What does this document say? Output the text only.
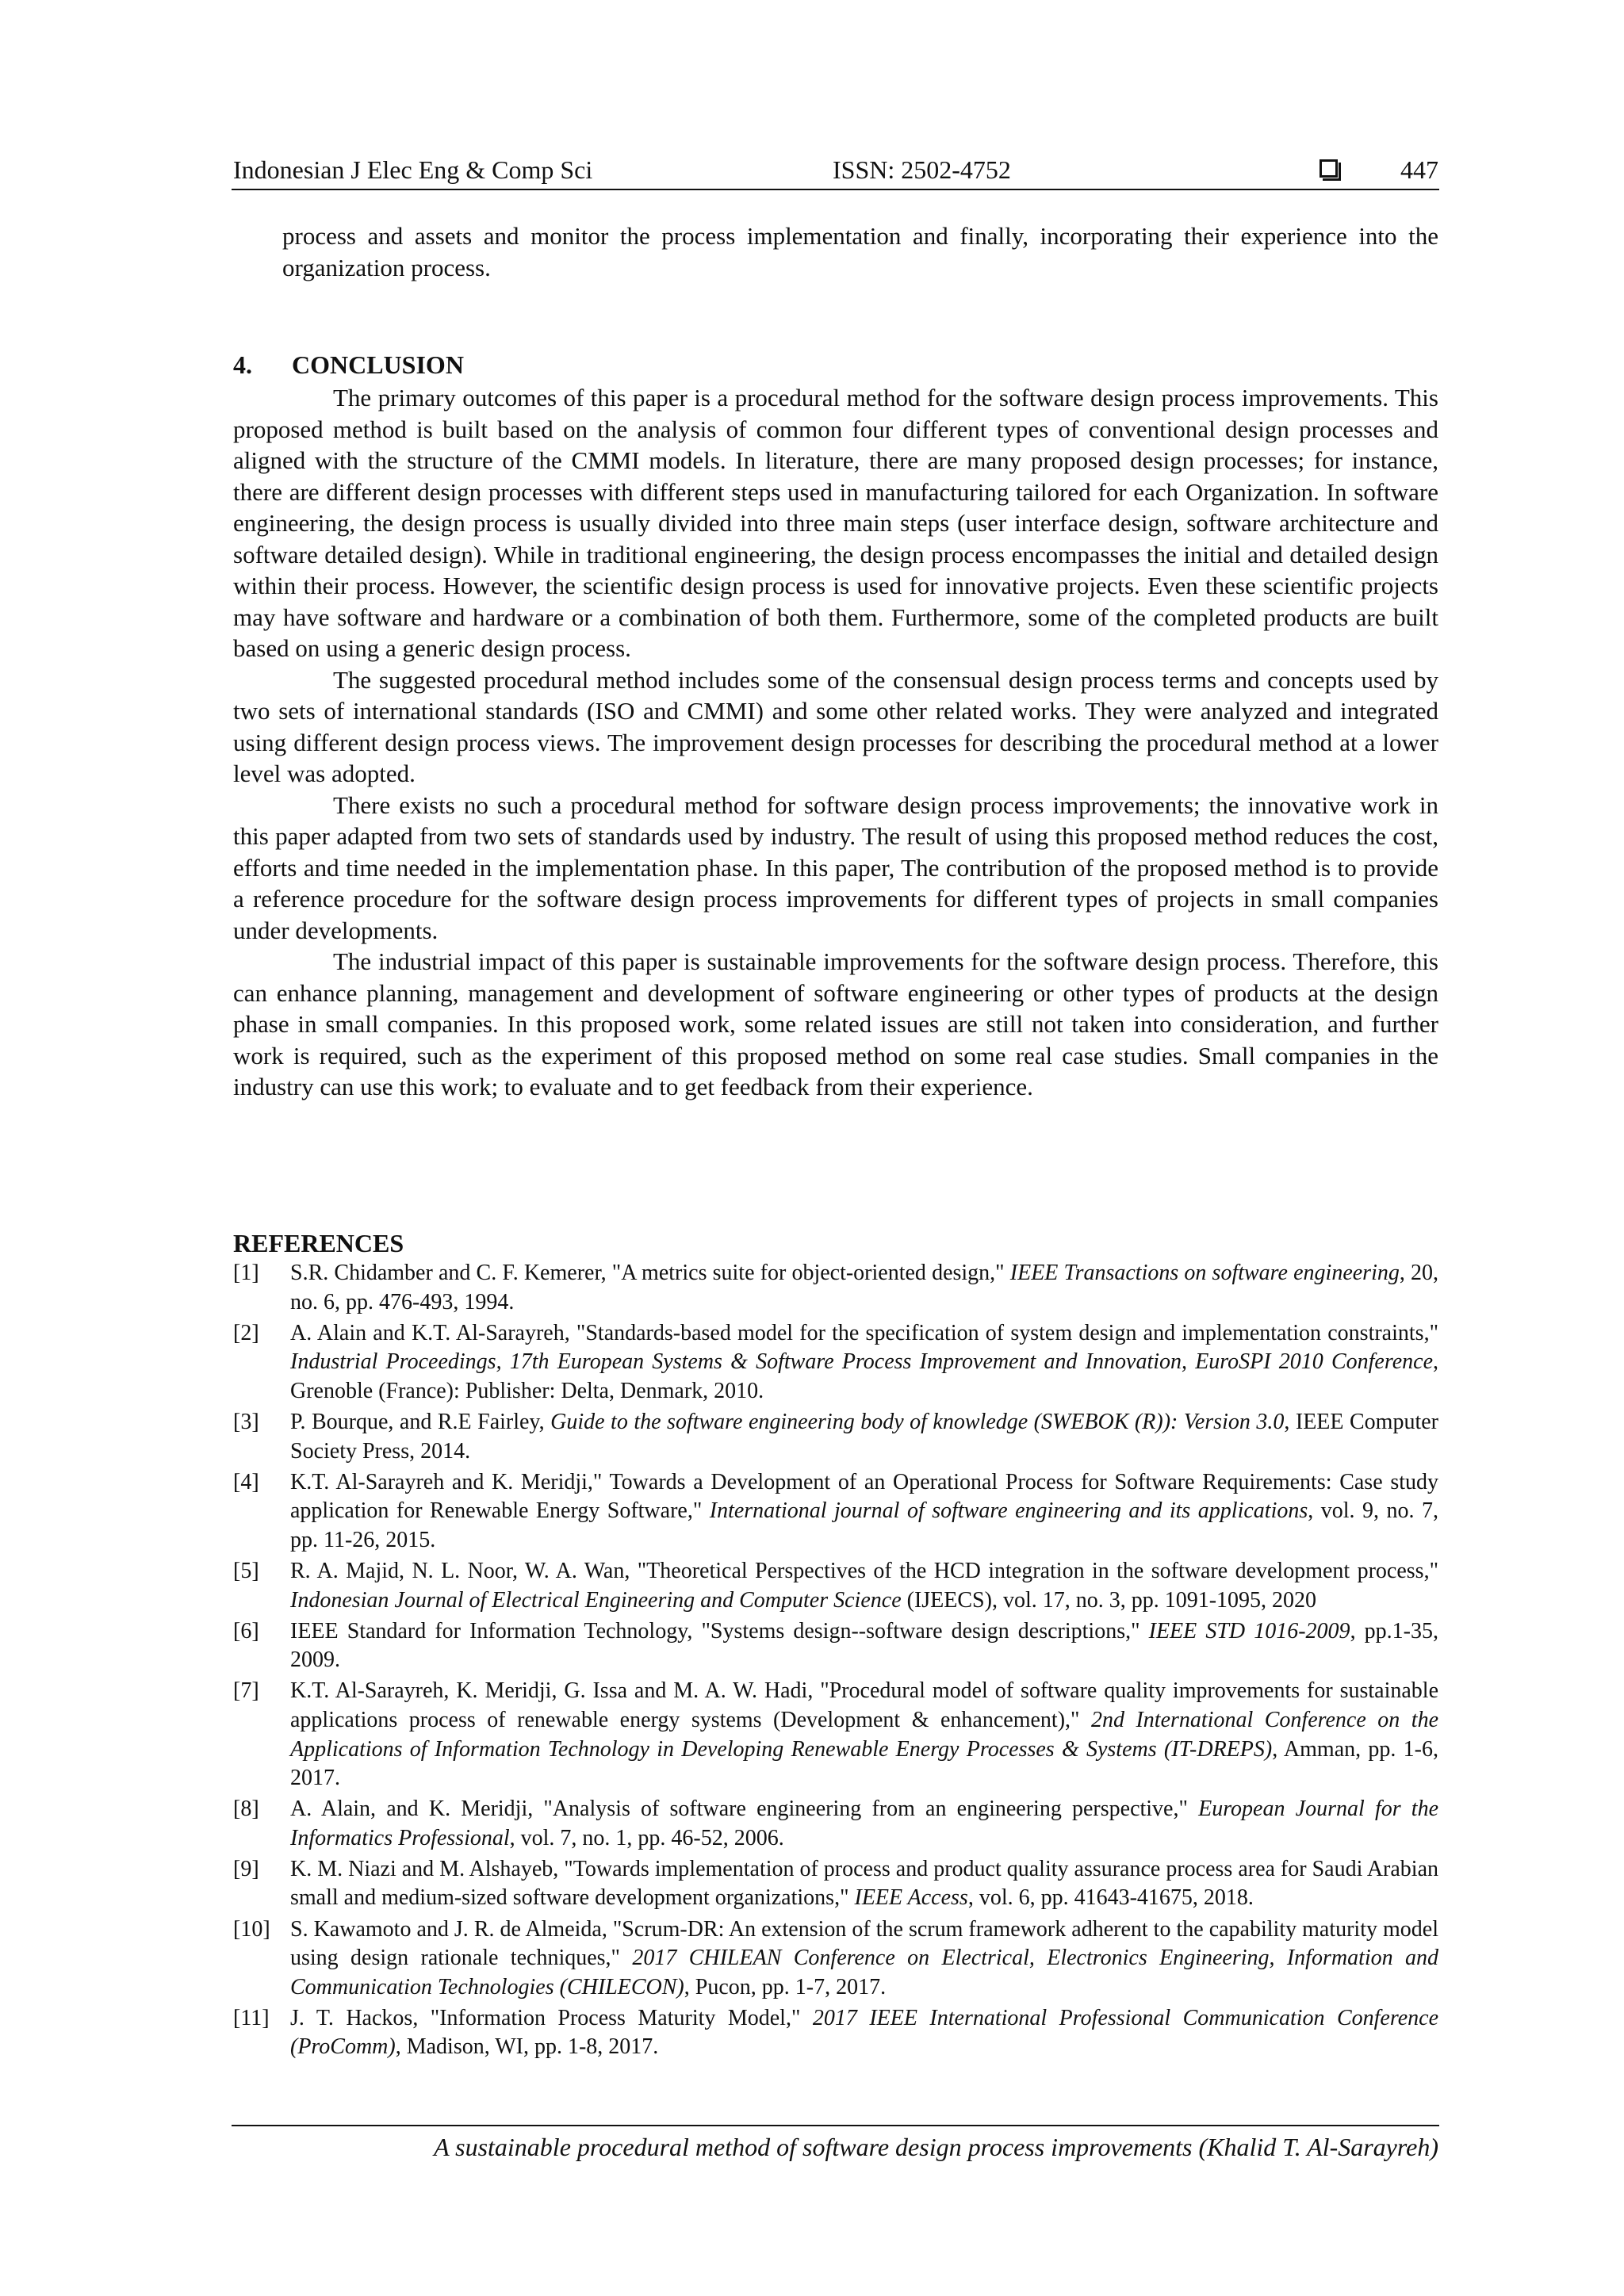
Indonesian J Elec Eng & Comp Sci	ISSN: 2502-4752	447
process and assets and monitor the process implementation and finally, incorporating their experience into the organization process.
4. CONCLUSION

The primary outcomes of this paper is a procedural method for the software design process improvements. This proposed method is built based on the analysis of common four different types of conventional design processes and aligned with the structure of the CMMI models. In literature, there are many proposed design processes; for instance, there are different design processes with different steps used in manufacturing tailored for each Organization. In software engineering, the design process is usually divided into three main steps (user interface design, software architecture and software detailed design). While in traditional engineering, the design process encompasses the initial and detailed design within their process. However, the scientific design process is used for innovative projects. Even these scientific projects may have software and hardware or a combination of both them. Furthermore, some of the completed products are built based on using a generic design process.

The suggested procedural method includes some of the consensual design process terms and concepts used by two sets of international standards (ISO and CMMI) and some other related works. They were analyzed and integrated using different design process views. The improvement design processes for describing the procedural method at a lower level was adopted.

There exists no such a procedural method for software design process improvements; the innovative work in this paper adapted from two sets of standards used by industry. The result of using this proposed method reduces the cost, efforts and time needed in the implementation phase. In this paper, The contribution of the proposed method is to provide a reference procedure for the software design process improvements for different types of projects in small companies under developments.

The industrial impact of this paper is sustainable improvements for the software design process. Therefore, this can enhance planning, management and development of software engineering or other types of products at the design phase in small companies. In this proposed work, some related issues are still not taken into consideration, and further work is required, such as the experiment of this proposed method on some real case studies. Small companies in the industry can use this work; to evaluate and to get feedback from their experience.

REFERENCES
[1]	S.R. Chidamber and C. F. Kemerer, "A metrics suite for object-oriented design," IEEE Transactions on software engineering, 20, no. 6, pp. 476-493, 1994.
[2]	A. Alain and K.T. Al-Sarayreh, "Standards-based model for the specification of system design and implementation constraints," Industrial Proceedings, 17th European Systems & Software Process Improvement and Innovation, EuroSPI 2010 Conference, Grenoble (France): Publisher: Delta, Denmark, 2010.
[3]	P. Bourque, and R.E Fairley, Guide to the software engineering body of knowledge (SWEBOK (R)): Version 3.0, IEEE Computer Society Press, 2014.
[4]	K.T. Al-Sarayreh and K. Meridji," Towards a Development of an Operational Process for Software Requirements: Case study application for Renewable Energy Software," International journal of software engineering and its applications, vol. 9, no. 7, pp. 11-26, 2015.
[5]	R. A. Majid, N. L. Noor, W. A. Wan, "Theoretical Perspectives of the HCD integration in the software development process," Indonesian Journal of Electrical Engineering and Computer Science (IJEECS), vol. 17, no. 3, pp. 1091-1095, 2020
[6]	IEEE Standard for Information Technology, "Systems design--software design descriptions," IEEE STD 1016-2009, pp.1-35, 2009.
[7]	K.T. Al-Sarayreh, K. Meridji, G. Issa and M. A. W. Hadi, "Procedural model of software quality improvements for sustainable applications process of renewable energy systems (Development & enhancement)," 2nd International Conference on the Applications of Information Technology in Developing Renewable Energy Processes & Systems (IT-DREPS), Amman, pp. 1-6, 2017.
[8]	A. Alain, and K. Meridji, "Analysis of software engineering from an engineering perspective," European Journal for the Informatics Professional, vol. 7, no. 1, pp. 46-52, 2006.
[9]	K. M. Niazi and M. Alshayeb, "Towards implementation of process and product quality assurance process area for Saudi Arabian small and medium-sized software development organizations," IEEE Access, vol. 6, pp. 41643-41675, 2018.
[10] S. Kawamoto and J. R. de Almeida, "Scrum-DR: An extension of the scrum framework adherent to the capability maturity model using design rationale techniques," 2017 CHILEAN Conference on Electrical, Electronics Engineering, Information and Communication Technologies (CHILECON), Pucon, pp. 1-7, 2017.
[11] J. T. Hackos, "Information Process Maturity Model," 2017 IEEE International Professional Communication Conference (ProComm), Madison, WI, pp. 1-8, 2017.
A sustainable procedural method of software design process improvements (Khalid T. Al-Sarayreh)
